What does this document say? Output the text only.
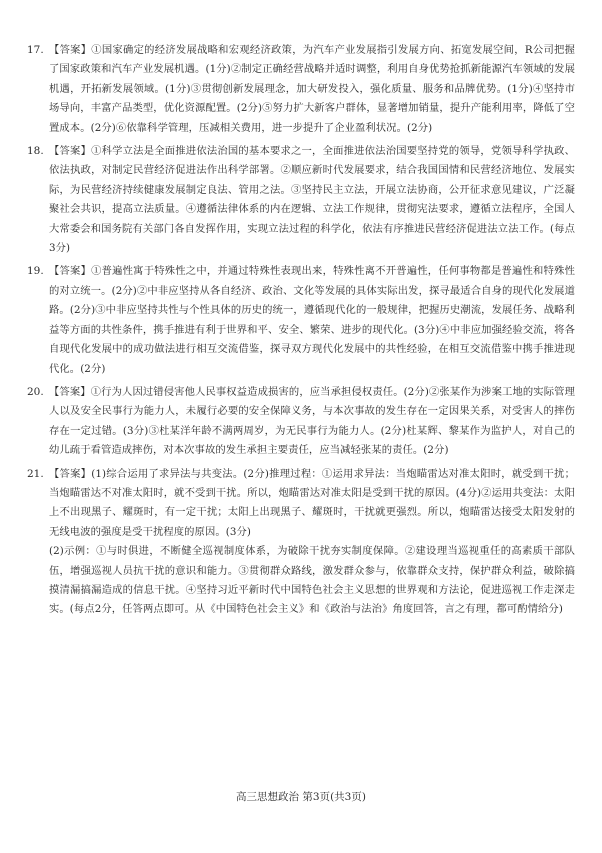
17. 【答案】①国家确定的经济发展战略和宏观经济政策，为汽车产业发展指引发展方向、拓宽发展空间，R公司把握了国家政策和汽车产业发展机遇。(1分)②制定正确经营战略并适时调整，利用自身优势抢抓新能源汽车领域的发展机遇，开拓新发展领域。(1分)③贯彻创新发展理念，加大研发投入，强化质量、服务和品牌优势。(1分)④坚持市场导向，丰富产品类型，优化资源配置。(2分)⑤努力扩大新客户群体，显著增加销量，提升产能利用率，降低了空置成本。(2分)⑥依靠科学管理，压减相关费用，进一步提升了企业盈利状况。(2分)
18. 【答案】①科学立法是全面推进依法治国的基本要求之一，全面推进依法治国要坚持党的领导，党领导科学执政、依法执政，对制定民营经济促进法作出科学部署。②顺应新时代发展要求，结合我国国情和民营经济地位、发展实际，为民营经济持续健康发展制定良法、管用之法。③坚持民主立法，开展立法协商，公开征求意见建议，广泛凝聚社会共识，提高立法质量。④遵循法律体系的内在逻辑、立法工作规律，贯彻宪法要求，遵循立法程序，全国人大常委会和国务院有关部门各自发挥作用，实现立法过程的科学化，依法有序推进民营经济促进法立法工作。(每点3分)
19. 【答案】①普遍性寓于特殊性之中，并通过特殊性表现出来，特殊性离不开普遍性，任何事物都是普遍性和特殊性的对立统一。(2分)②中非应坚持从各自经济、政治、文化等发展的具体实际出发，探寻最适合自身的现代化发展道路。(2分)③中非应坚持共性与个性具体的历史的统一，遵循现代化的一般规律，把握历史潮流，发展任务、战略利益等方面的共性条件，携手推进有利于世界和平、安全、繁荣、进步的现代化。(3分)④中非应加强经验交流，将各自现代化发展中的成功做法进行相互交流借鉴，探寻双方现代化发展中的共性经验，在相互交流借鉴中携手推进现代化。(2分)
20. 【答案】①行为人因过错侵害他人民事权益造成损害的，应当承担侵权责任。(2分)②张某作为涉案工地的实际管理人以及安全民事行为能力人，未履行必要的安全保障义务，与本次事故的发生存在一定因果关系，对受害人的摔伤存在一定过错。(3分)③杜某洋年龄不满两周岁，为无民事行为能力人。(2分)杜某辉、黎某作为监护人，对自己的幼儿疏于看管造成摔伤，对本次事故的发生承担主要责任，应当减轻张某的责任。(2分)
21. 【答案】(1)综合运用了求异法与共变法。(2分)推理过程：①运用求异法：当炮瞄雷达对准太阳时，就受到干扰；当炮瞄雷达不对准太阳时，就不受到干扰。所以，炮瞄雷达对准太阳是受到干扰的原因。(4分)②运用共变法：太阳上不出现黑子、耀斑时，有一定干扰；太阳上出现黑子、耀斑时，干扰就更强烈。所以，炮瞄雷达接受太阳发射的无线电波的强度是受干扰程度的原因。(3分)
(2)示例：①与时俱进，不断健全巡视制度体系，为破除干扰夯实制度保障。②建设理当巡视重任的高素质干部队伍，增强巡视人员抗干扰的意识和能力。③贯彻群众路线，激发群众参与，依靠群众支持，保护群众利益，破除搞摸清漏搞漏造成的信息干扰。④坚持习近平新时代中国特色社会主义思想的世界观和方法论，促进巡视工作走深走实。(每点2分，任答两点即可。从《中国特色社会主义》和《政治与法治》角度回答，言之有理，都可酌情给分)
高三思想政治 第3页(共3页)
